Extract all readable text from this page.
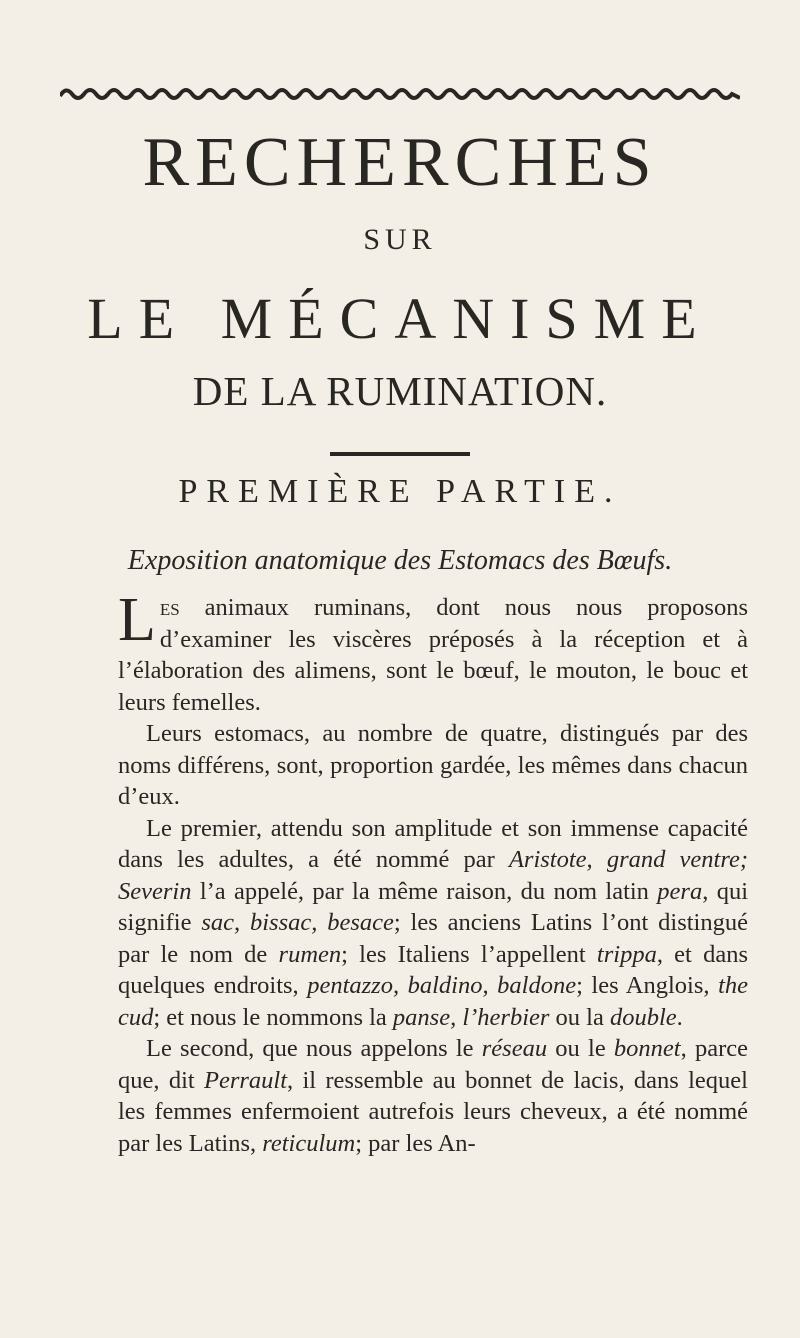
RECHERCHES
SUR
LE MÉCANISME
DE LA RUMINATION.
PREMIÈRE PARTIE.
Exposition anatomique des Estomacs des Bœufs.

Les animaux ruminans, dont nous nous proposons d’examiner les viscères préposés à la réception et à l’élaboration des alimens, sont le bœuf, le mouton, le bouc et leurs femelles.

Leurs estomacs, au nombre de quatre, distingués par des noms différens, sont, proportion gardée, les mêmes dans chacun d’eux.

Le premier, attendu son amplitude et son immense capacité dans les adultes, a été nommé par Aristote, grand ventre; Severin l’a appelé, par la même raison, du nom latin pera, qui signifie sac, bissac, besace; les anciens Latins l’ont distingué par le nom de rumen; les Italiens l’appellent trippa, et dans quelques endroits, pentazzo, baldino, baldone; les Anglois, the cud; et nous le nommons la panse, l’herbier ou la double.

Le second, que nous appelons le réseau ou le bonnet, parce que, dit Perrault, il ressemble au bonnet de lacis, dans lequel les femmes enfermoient autrefois leurs cheveux, a été nommé par les Latins, reticulum; par les An-
